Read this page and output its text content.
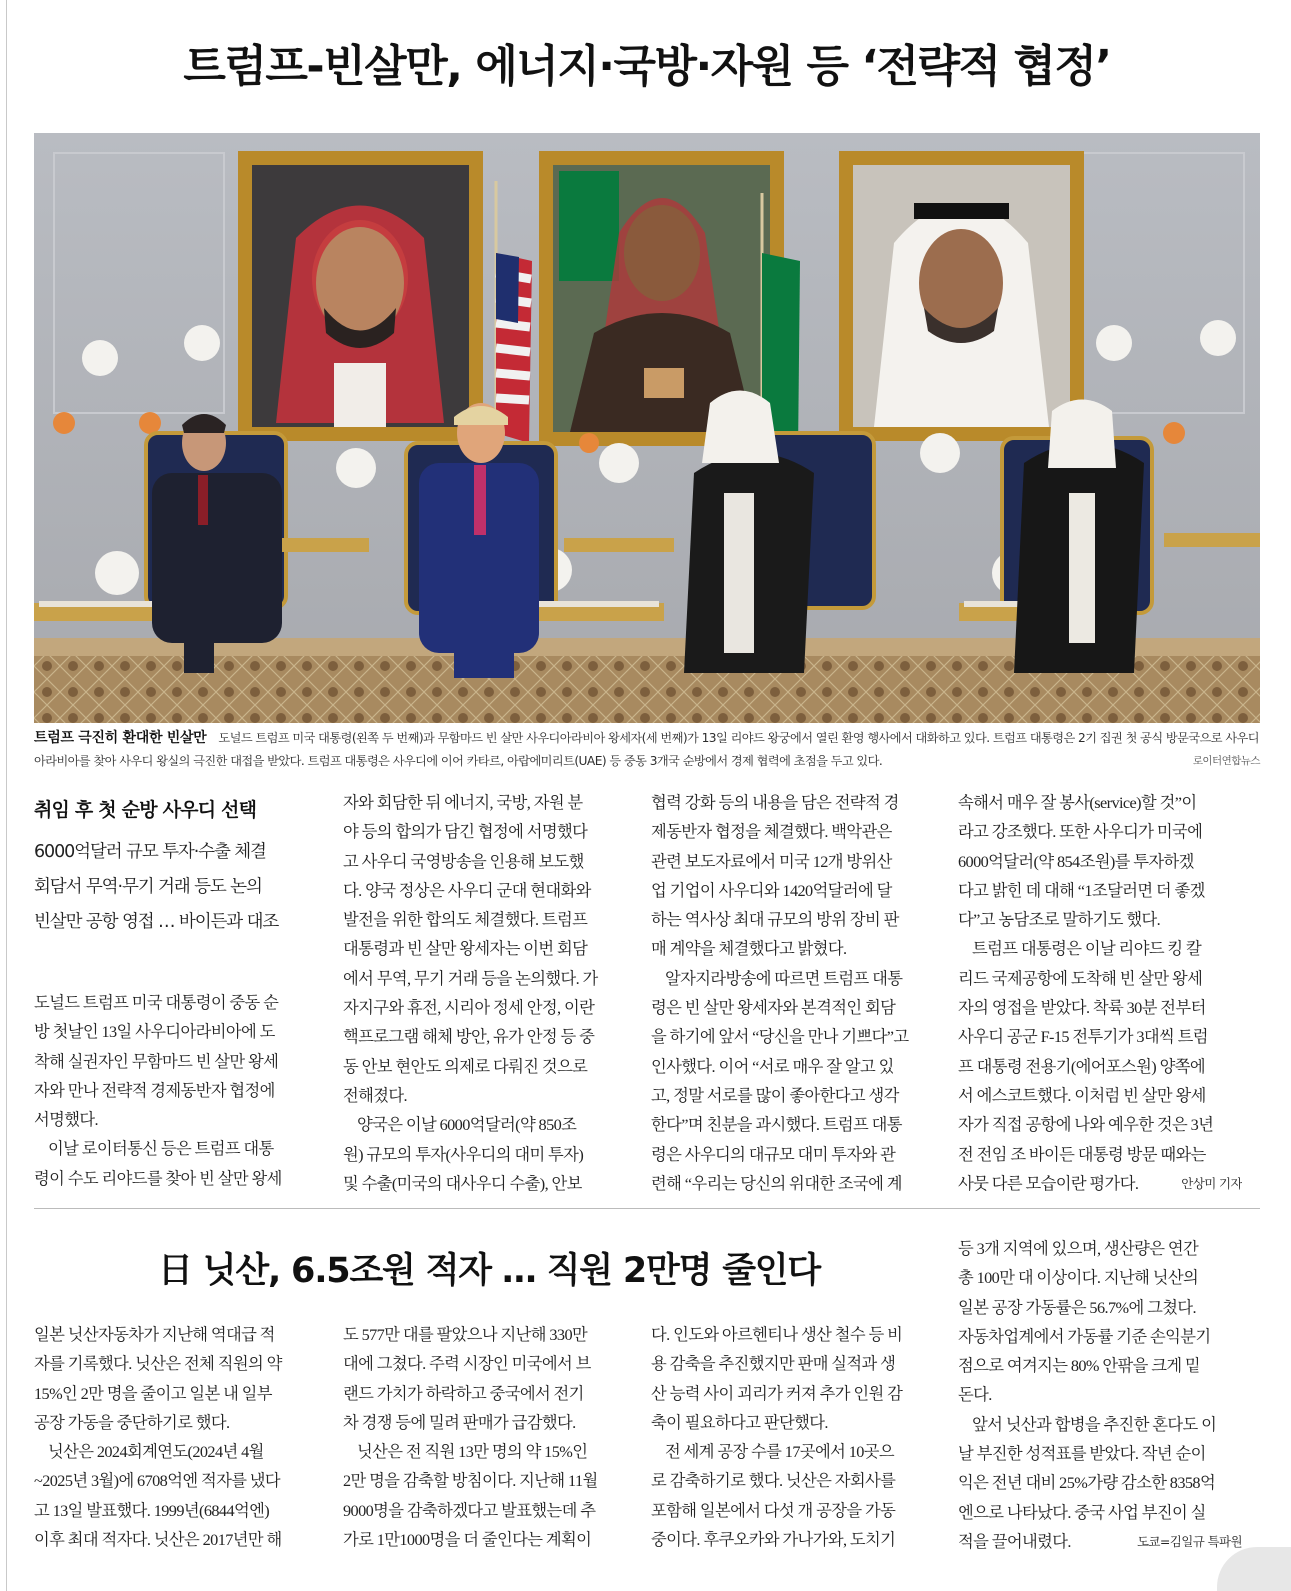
트럼프-빈살만, 에너지·국방·자원 등 ‘전략적 협정’
트럼프 극진히 환대한 빈살만 도널드 트럼프 미국 대통령(왼쪽 두 번째)과 무함마드 빈 살만 사우디아라비아 왕세자(세 번째)가 13일 리야드 왕궁에서 열린 환영 행사에서 대화하고 있다. 트럼프 대통령은 2기 집권 첫 공식 방문국으로 사우디아라비아를 찾아 사우디 왕실의 극진한 대접을 받았다. 트럼프 대통령은 사우디에 이어 카타르, 아랍에미리트(UAE) 등 중동 3개국 순방에서 경제 협력에 초점을 두고 있다.	로이터연합뉴스
취임 후 첫 순방 사우디 선택
6000억달러 규모 투자·수출 체결
회담서 무역·무기 거래 등도 논의
빈살만 공항 영접 … 바이든과 대조
도널드 트럼프 미국 대통령이 중동 순
방 첫날인 13일 사우디아라비아에 도
착해 실권자인 무함마드 빈 살만 왕세
자와 만나 전략적 경제동반자 협정에
서명했다.
이날 로이터통신 등은 트럼프 대통
령이 수도 리야드를 찾아 빈 살만 왕세
자와 회담한 뒤 에너지, 국방, 자원 분
야 등의 합의가 담긴 협정에 서명했다
고 사우디 국영방송을 인용해 보도했
다. 양국 정상은 사우디 군대 현대화와
발전을 위한 합의도 체결했다. 트럼프
대통령과 빈 살만 왕세자는 이번 회담
에서 무역, 무기 거래 등을 논의했다. 가
자지구와 휴전, 시리아 정세 안정, 이란
핵프로그램 해체 방안, 유가 안정 등 중
동 안보 현안도 의제로 다뤄진 것으로
전해졌다.
양국은 이날 6000억달러(약 850조
원) 규모의 투자(사우디의 대미 투자)
및 수출(미국의 대사우디 수출), 안보
협력 강화 등의 내용을 담은 전략적 경
제동반자 협정을 체결했다. 백악관은
관련 보도자료에서 미국 12개 방위산
업 기업이 사우디와 1420억달러에 달
하는 역사상 최대 규모의 방위 장비 판
매 계약을 체결했다고 밝혔다.
알자지라방송에 따르면 트럼프 대통
령은 빈 살만 왕세자와 본격적인 회담
을 하기에 앞서 “당신을 만나 기쁘다”고
인사했다. 이어 “서로 매우 잘 알고 있
고, 정말 서로를 많이 좋아한다고 생각
한다”며 친분을 과시했다. 트럼프 대통
령은 사우디의 대규모 대미 투자와 관
련해 “우리는 당신의 위대한 조국에 계
속해서 매우 잘 봉사(service)할 것”이
라고 강조했다. 또한 사우디가 미국에
6000억달러(약 854조원)를 투자하겠
다고 밝힌 데 대해 “1조달러면 더 좋겠
다”고 농담조로 말하기도 했다.
트럼프 대통령은 이날 리야드 킹 칼
리드 국제공항에 도착해 빈 살만 왕세
자의 영접을 받았다. 착륙 30분 전부터
사우디 공군 F-15 전투기가 3대씩 트럼
프 대통령 전용기(에어포스원) 양쪽에
서 에스코트했다. 이처럼 빈 살만 왕세
자가 직접 공항에 나와 예우한 것은 3년
전 전임 조 바이든 대통령 방문 때와는
사뭇 다른 모습이란 평가다.	안상미 기자
日 닛산, 6.5조원 적자 … 직원 2만명 줄인다
일본 닛산자동차가 지난해 역대급 적
자를 기록했다. 닛산은 전체 직원의 약
15%인 2만 명을 줄이고 일본 내 일부
공장 가동을 중단하기로 했다.
닛산은 2024회계연도(2024년 4월
~2025년 3월)에 6708억엔 적자를 냈다
고 13일 발표했다. 1999년(6844억엔)
이후 최대 적자다. 닛산은 2017년만 해
도 577만 대를 팔았으나 지난해 330만
대에 그쳤다. 주력 시장인 미국에서 브
랜드 가치가 하락하고 중국에서 전기
차 경쟁 등에 밀려 판매가 급감했다.
닛산은 전 직원 13만 명의 약 15%인
2만 명을 감축할 방침이다. 지난해 11월
9000명을 감축하겠다고 발표했는데 추
가로 1만1000명을 더 줄인다는 계획이
다. 인도와 아르헨티나 생산 철수 등 비
용 감축을 추진했지만 판매 실적과 생
산 능력 사이 괴리가 커져 추가 인원 감
축이 필요하다고 판단했다.
전 세계 공장 수를 17곳에서 10곳으
로 감축하기로 했다. 닛산은 자회사를
포함해 일본에서 다섯 개 공장을 가동
중이다. 후쿠오카와 가나가와, 도치기
등 3개 지역에 있으며, 생산량은 연간
총 100만 대 이상이다. 지난해 닛산의
일본 공장 가동률은 56.7%에 그쳤다.
자동차업계에서 가동률 기준 손익분기
점으로 여겨지는 80% 안팎을 크게 밑
돈다.
앞서 닛산과 합병을 추진한 혼다도 이
날 부진한 성적표를 받았다. 작년 순이
익은 전년 대비 25%가량 감소한 8358억
엔으로 나타났다. 중국 사업 부진이 실
적을 끌어내렸다.	도쿄=김일규 특파원
